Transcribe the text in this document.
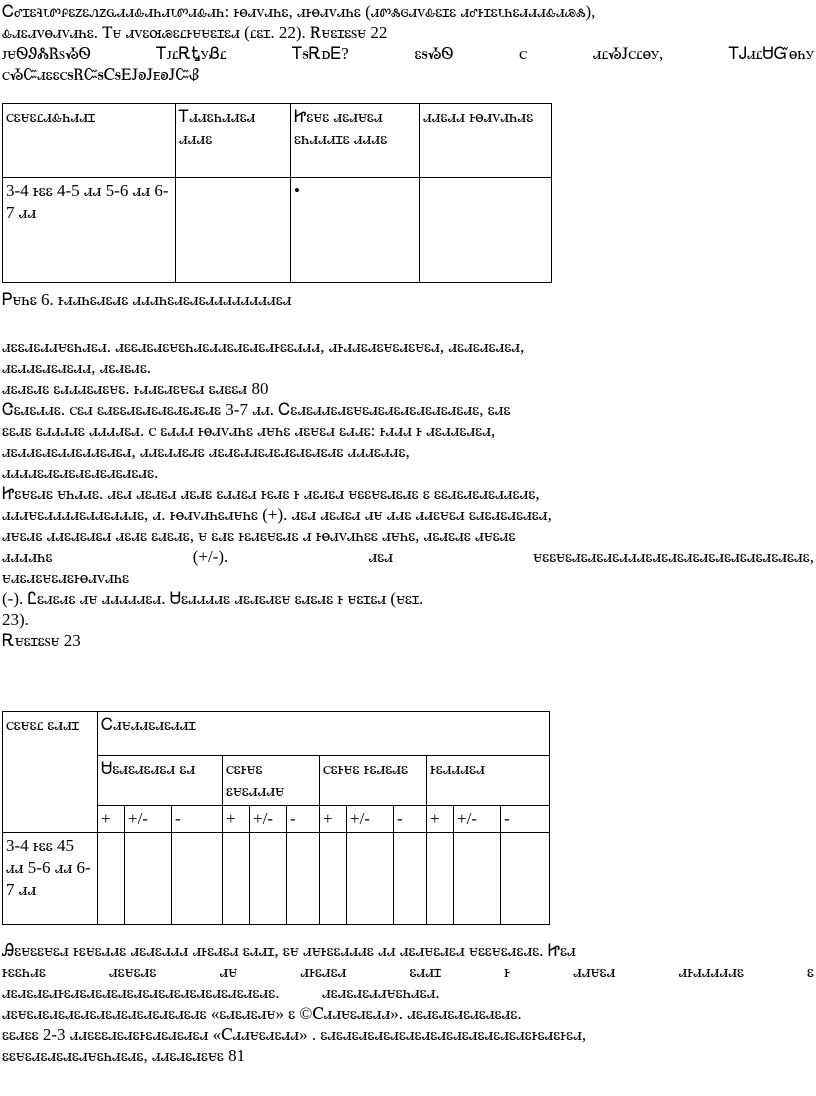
Ꮯꮄꮖꮛꮈꮣꮫꮅꮛꮓꮛꮑꮓꮹꮧꮧꮂꮧꮒꮧꮣꮫꮧꮂꮧꮒ: ꮀꮎꮧꮩꮧꮒꮛ, ꮧꮀꮎꮧꮩꮧꮒꮛ (ꮧꮫꮬꮆꮧꮩꮂꮛꮖꮛ ꮧꮄꮀꮖꮛꮣꮒꮛꮧꮧꮧꮂꮧꮚꮬ),
ꮂꮧꮛꮧꮩꮎꮧꮩꮧꮒꮛ. Ꭲꮜ ꮧꮩꮛꮊꮚꮛꮭꮀꮜꮜꮛꮖꮛꮧ (ꮭꮛꮖ. 22). Ꭱꮜꮛꮖꮛꮪꮜ 22
ꭻꮜᏫᏭᏜᏒꮪᏱᏫ	ᎢꭻꮭᎡᎿꭹᏰꮭ	ᎢꭶᎡꭰᎬ?	ꮛꭶᏱᏫ	ꮯ	ꮧꮭᏱᎫꮯꮭꮎꭹ,	ᎢᎫꮧꮭᏌᏳꮎꮒꭹ
ꮯᏱᏨꮧꮛꮛꮯꭶᏒᏨꭶᏟꭶᎬᎫꭷᎫꭼꭷᎫᏨᏰ
ꮯꮛꮜꮛꮭꮧꮂꮒꮧꮧꮖ	Ꭲꮧꮧꮛꮒꮧꮧꮛꮧ ꮧꮧꮧꮛ	Ꮵꮛꮜꮛ ꮧꮛꮧꮜꮛꮧ ꮛꮒꮧꮧꮧꮖꮛ ꮧꮧꮧꮛ	ꮧꮧꮛꮧꮧ ꮀꮎꮧꮩꮧꮒꮧꮛ
3-4 ꮀꮛꮛ 4-5 ꮧꮧ 5-6 ꮧꮧ 6-7 ꮧꮧ		•	
Ꮲꮜꮒꮛ 6. ꮀꮧꮧꮒꮛꮧꮛꮧꮛ ꮧꮧꮧꮒꮛꮧꮛꮧꮛꮧꮧꮧꮧꮧꮧꮧꮧꮛꮧ
ꮧꮛꮛꮧꮛꮧꮧꮜꮛꮒꮧꮛꮧ. ꮧꮛꮛꮧꮛꮧꮛꮜꮛꮒꮧꮛꮧꮧꮛꮧꮛꮧꮛꮧꮀꮛꮛꮧꮧꮧ, ꮧꮀꮧꮧꮛꮧꮛꮜꮛꮧꮛꮜꮛꮧ, ꮧꮛꮧꮛꮧꮛꮧꮛꮧ,
ꮧꮛꮧꮧꮛꮧꮛꮧꮛꮧꮧ, ꮧꮛꮧꮛꮧꮛ.
ꮧꮛꮧꮛꮧꮛ ꮛꮧꮧꮧꮛꮧꮛꮜꮛ. ꮀꮧꮧꮛꮧꮛꮜꮛꮧ ꮛꮧꮛꮛꮧ 80
Ꮳꮛꮧꮛꮧꮧꮛ. ꮯꮛꮧ ꮛꮧꮛꮛꮧꮛꮧꮛꮧꮛꮧꮛꮧꮛꮧꮛ 3-7 ꮧꮧ. Ꮯꮛꮧꮛꮧꮧꮛꮧꮛꮜꮛꮧꮛꮧꮛꮧꮛꮧꮛꮧꮛꮧꮛꮧꮛ, ꮛꮧꮛ
ꮛꮛꮧꮛ ꮛꮧꮧꮧꮧꮛ ꮧꮧꮧꮧꮛꮧ. ꮯ ꮛꮧꮧꮧ ꮀꮎꮧꮩꮧꮒꮛ ꮧꮜꮒꮛ ꮧꮛꮜꮛꮧ ꮛꮧꮧꮛ: ꮀꮧꮧꮧ ꮀ ꮧꮛꮧꮧꮛꮧꮛꮧ,
ꮧꮛꮧꮧꮛꮧꮛꮧꮧꮛꮧꮧꮛꮧꮛꮧ, ꮧꮧꮛꮧꮧꮛꮧꮛ ꮧꮛꮧꮛꮧꮧꮛꮧꮛꮧꮛꮧꮛꮧꮛꮧꮛ ꮧꮧꮧꮛꮧꮧꮛ,
ꮧꮧꮧꮧꮛꮧꮛꮧꮛꮧꮛꮧꮛꮧꮛꮧꮛꮧꮛ.
Ꮵꮛꮜꮛꮧꮛ ꮜꮒꮧꮧꮛ. ꮧꮛꮧ ꮧꮛꮧꮛꮧ ꮧꮛꮧꮛ ꮛꮧꮧꮛꮧ ꮀꮛꮧꮛ ꮀ ꮧꮛꮧꮛꮧ ꮜꮛꮛꮜꮛꮧꮛꮧꮛ ꮛ ꮛꮛꮧꮛꮧꮛꮧꮛꮧꮧꮛꮧꮛ,
ꮧꮧꮧꮜꮛꮧꮧꮧꮧꮛꮧꮧꮛꮧꮧꮧꮛ, ꮧ. ꮀꮎꮧꮩꮧꮒꮛꮧꮜꮒꮛ (+). ꮧꮛꮧ ꮧꮛꮧꮛꮧ ꮧꮜ ꮧꮧꮛ ꮧꮧꮛꮜꮛꮧ ꮛꮧꮛꮧꮛꮧꮛꮧꮛꮧ,
ꮧꮜꮛꮧꮛ ꮧꮧꮛꮧꮛꮧꮛꮧ ꮧꮛꮧꮛ ꮛꮧꮛꮧꮛ, ꮜ ꮛꮧꮛ ꮀꮛꮧꮛꮜꮛꮧꮛ ꮧ ꮀꮎꮧꮩꮧꮒꮛꮛ ꮧꮜꮒꮛ, ꮧꮛꮧꮛꮧꮛ ꮧꮜꮛꮧꮛ
ꮧꮧꮧꮧꮒꮛ	(+/-).	ꮧꮛꮧ	ꮜꮛꮛꮜꮛꮧꮛꮧꮛꮧꮛꮧꮧꮧꮛꮧꮛꮧꮛꮧꮛꮧꮛꮧꮛꮧꮛꮧꮛꮧꮛꮧꮛꮧꮛ,
ꮜꮧꮛꮧꮛꮜꮛꮧꮛꮀꮎꮧꮩꮧꮒꮛ
(-). Ꮭꮛꮧꮛꮧꮛ ꮧꮜ ꮧꮧꮧꮧꮧꮛꮧ. Ꮜꮛꮧꮧꮧꮧꮛ ꮧꮛꮧꮛꮧꮛꮜ ꮛꮧꮛꮧꮛ ꮀ ꮜꮛꮖꮛꮧ (ꮜꮛꮖ.
23).
Ꭱꮜꮛꮖꮛꮪꮜ 23
ꮯꮛꮜꮛꮭ ꮛꮧꮧꮖ	Ꮯꮧꮜꮧꮧꮛꮧꮛꮧꮧꮖ											
	Ꮜꮛꮧꮛꮧꮛꮧꮛꮧ ꮛꮧ			ꮯꮛꮀꮜꮛ ꮛꮜꮛꮧꮧꮧꮜ			ꮯꮛꮀꮜꮛ ꮀꮛꮧꮛꮧꮛ			ꮀꮛꮧꮧꮧꮛꮧ		
	+	+/-	-	+	+/-	-	+	+/-	-	+	+/-	-
3-4 ꮀꮛꮛ 45 ꮧꮧ 5-6 ꮧꮧ 6-7 ꮧꮧ												
Ꭿꮛꮜꮛꮛꮜꮛꮧ ꮀꮛꮜꮛꮧꮧꮛ ꮧꮛꮧꮛꮧꮧꮧ ꮧꮀꮛꮧꮛꮧ ꮛꮧꮧꮖ, ꮛꮜ ꮧꮜꮀꮛꮛꮧꮧꮧꮛ ꮧꮧ ꮧꮛꮧꮜꮛꮧꮛꮧ ꮜꮛꮛꮜꮛꮧꮛꮧꮛ. Ꮵꮛꮧ
ꮀꮛꮛꮒꮧꮛ	ꮧꮛꮜꮛꮧꮛ	ꮧꮜ	ꮧꮀꮛꮧꮛꮧ	ꮛꮧꮧꮖ	ꮀ	ꮧꮧꮜꮛꮧ	ꮧꮀꮧꮧꮧꮧꮧꮛ	ꮛ
ꮧꮛꮧꮛꮧꮛꮧꮀꮛꮧꮛꮧꮛꮧꮛꮧꮛꮧꮛꮧꮛꮧꮛꮧꮛꮧꮛꮧꮛꮧꮛꮧꮛꮧꮛ.          ꮧꮛꮧꮛꮧꮛꮧꮧꮜꮛꮒꮧꮛꮧ.
ꮧꮛꮜꮛꮧꮛꮧꮛꮧꮛꮧꮛꮧꮛꮧꮛꮧꮛꮧꮛꮧꮛꮧꮛꮧꮛ «ꮛꮧꮛꮧꮛꮧꮜ» ꮛ ©Ꮯꮧꮧꮜꮛꮧꮛꮧꮧ». ꮧꮛꮧꮛꮧꮛꮧꮛꮧꮛꮧꮛꮧꮛ.
ꮛꮛꮧꮛꮛ 2-3 ꮧꮧꮛꮛꮛꮧꮛꮧꮛꮀꮛꮧꮛꮧꮛꮧꮛꮧ «Ꮯꮧꮧꮜꮛꮧꮛꮧꮧ» . ꮛꮧꮛꮧꮛꮧꮛꮧꮛꮧꮛꮧꮛꮧꮛꮧꮛꮧꮛꮧꮛꮧꮛꮧꮛꮧꮛꮀꮛꮧꮛꮀꮛꮧ,
ꮛꮛꮜꮛꮧꮛꮧꮛꮧꮛꮧꮜꮛꮒꮧꮛꮧꮛ, ꮧꮧꮛꮧꮛꮧꮛꮜꮛ 81
